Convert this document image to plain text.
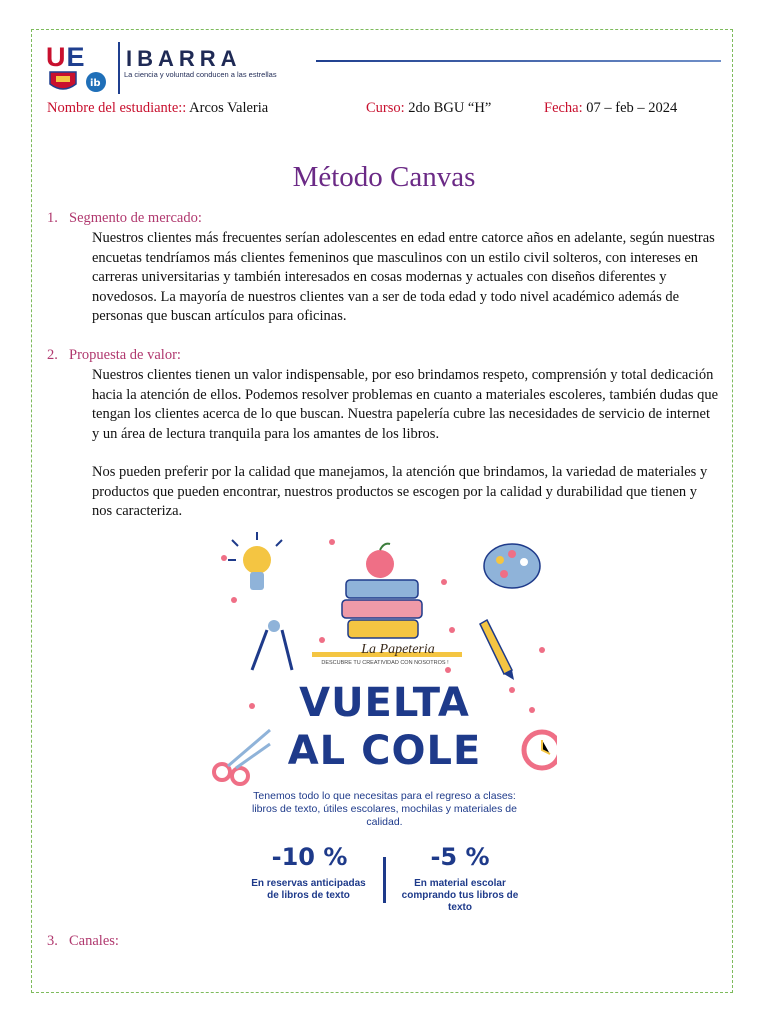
UE
ib
IBARRA
La ciencia y voluntad conducen a las estrellas
Nombre del estudiante:: Arcos Valeria	Curso: 2do BGU “H”	Fecha: 07 – feb – 2024
Método Canvas
1. Segmento de mercado:
Nuestros clientes más frecuentes serían adolescentes en edad entre catorce años en adelante, según nuestras encuetas tendríamos más clientes femeninos que masculinos con un estilo civil solteros, con intereses en carreras universitarias y también interesados en cosas modernas y actuales con diseños diferentes y novedosos. La mayoría de nuestros clientes van a ser de toda edad y todo nivel académico además de personas que buscan artículos para oficinas.
2. Propuesta de valor:
Nuestros clientes tienen un valor indispensable, por eso brindamos respeto, comprensión y total dedicación hacia la atención de ellos. Podemos resolver problemas en cuanto a materiales escoleres, también dudas que tengan los clientes acerca de lo que buscan. Nuestra papelería cubre las necesidades de servicio de internet y un área de lectura tranquila para los amantes de los libros.
Nos pueden preferir por la calidad que manejamos, la atención que brindamos, la variedad de materiales y productos que pueden encontrar, nuestros productos se escogen por la calidad y durabilidad que tienen y nos caracteriza.
La Papeteria
DESCUBRE TU CREATIVIDAD CON NOSOTROS !
VUELTA
AL COLE
Tenemos todo lo que necesitas para el regreso a clases: libros de texto, útiles escolares, mochilas y materiales de calidad.
-10 %
En reservas anticipadas de libros de texto
-5 %
En material escolar comprando tus libros de texto
3. Canales:
